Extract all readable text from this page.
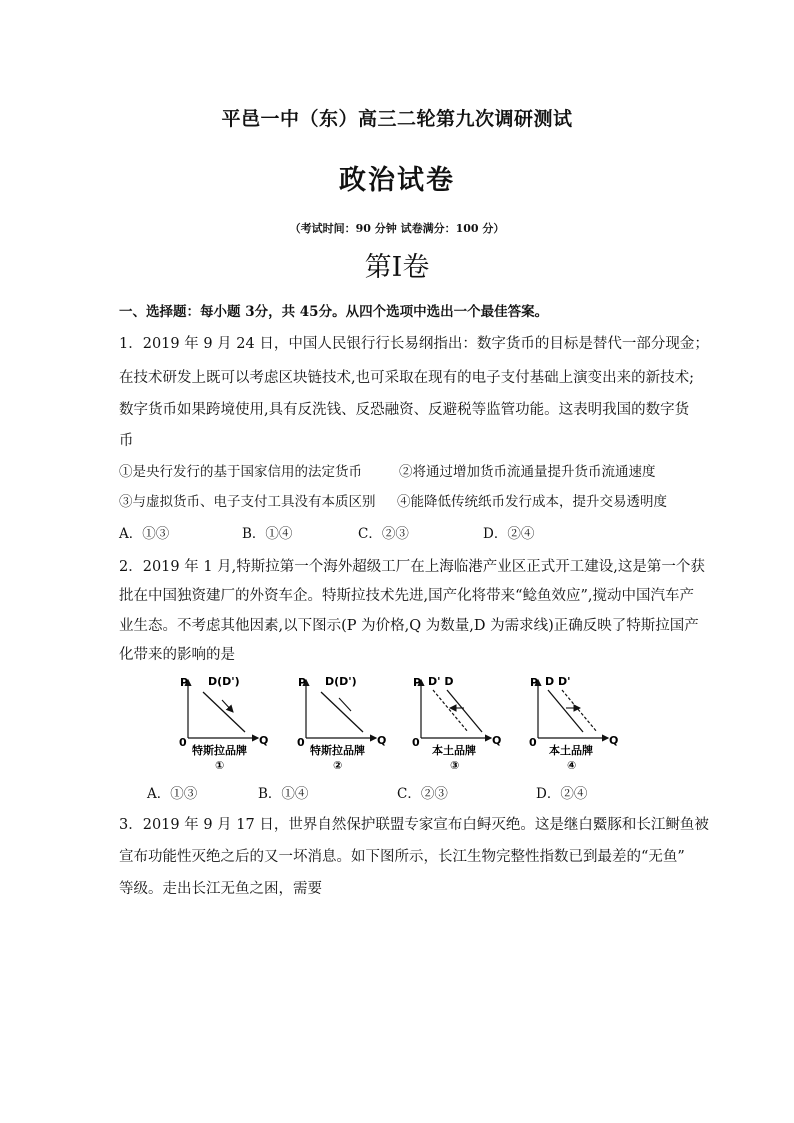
平邑一中（东）高三二轮第九次调研测试
政治试卷
（考试时间：90 分钟 试卷满分：100 分）
第Ⅰ卷
一、选择题：每小题 3分，共 45分。从四个选项中选出一个最佳答案。
1．2019 年 9 月 24 日，中国人民银行行长易纲指出：数字货币的目标是替代一部分现金；
在技术研发上既可以考虑区块链技术,也可采取在现有的电子支付基础上演变出来的新技术;
数字货币如果跨境使用,具有反洗钱、反恐融资、反避税等监管功能。这表明我国的数字货
币
①是央行发行的基于国家信用的法定货币	②将通过增加货币流通量提升货币流通速度
③与虚拟货币、电子支付工具没有本质区别 ④能降低传统纸币发行成本，提升交易透明度
A．①③	B．①④	C．②③	D．②④
2．2019 年 1 月,特斯拉第一个海外超级工厂在上海临港产业区正式开工建设,这是第一个获
批在中国独资建厂的外资车企。特斯拉技术先进,国产化将带来“鲶鱼效应”,搅动中国汽车产
业生态。不考虑其他因素,以下图示(P 为价格,Q 为数量,D 为需求线)正确反映了特斯拉国产
化带来的影响的是
P
Q
0
D(D')
特斯拉品牌
①
P
Q
0
D(D')
特斯拉品牌
②
P
Q
0
D' D
本土品牌
③
P
Q
0
D D'
本土品牌
④
A．①③	B．①④	C．②③	D．②④
3．2019 年 9 月 17 日，世界自然保护联盟专家宣布白鲟灭绝。这是继白鱀豚和长江鲥鱼被
宣布功能性灭绝之后的又一坏消息。如下图所示，长江生物完整性指数已到最差的“无鱼”
等级。走出长江无鱼之困，需要
